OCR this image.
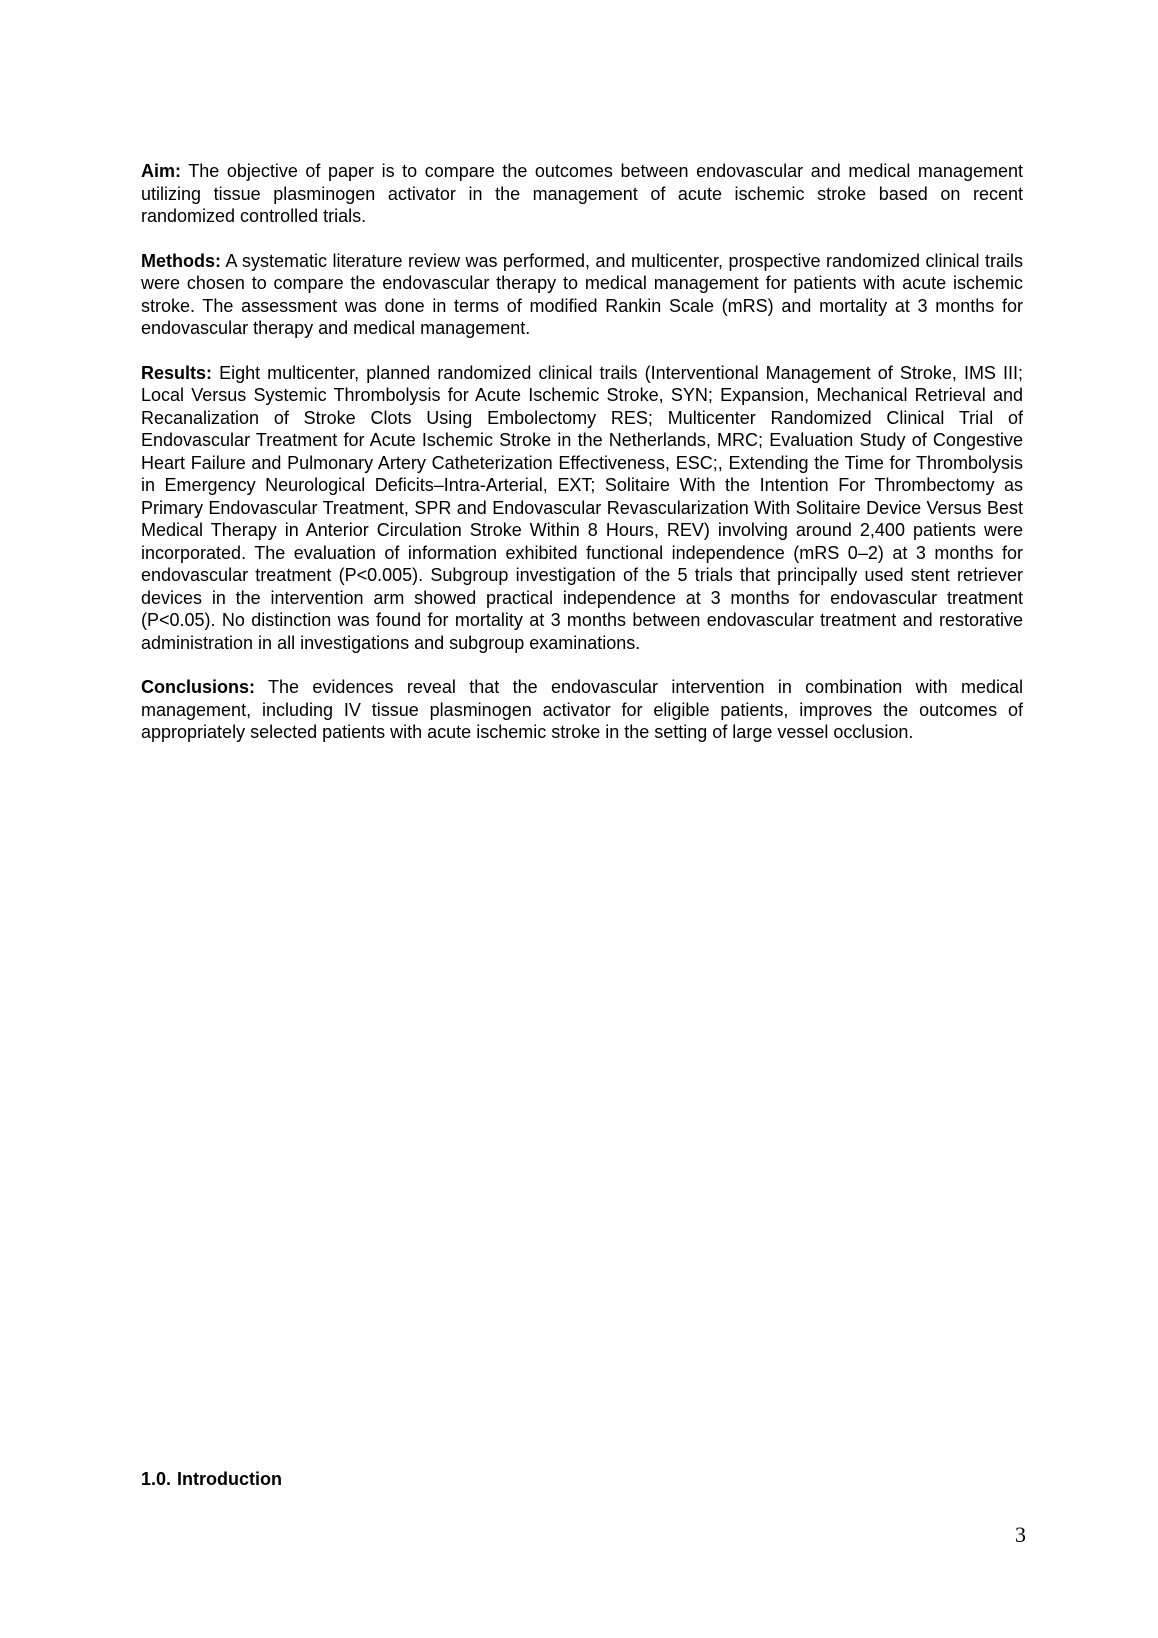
Aim: The objective of paper is to compare the outcomes between endovascular and medical management utilizing tissue plasminogen activator in the management of acute ischemic stroke based on recent randomized controlled trials.

Methods: A systematic literature review was performed, and multicenter, prospective randomized clinical trails were chosen to compare the endovascular therapy to medical management for patients with acute ischemic stroke. The assessment was done in terms of modified Rankin Scale (mRS) and mortality at 3 months for endovascular therapy and medical management.

Results: Eight multicenter, planned randomized clinical trails (Interventional Management of Stroke, IMS III; Local Versus Systemic Thrombolysis for Acute Ischemic Stroke, SYN; Expansion, Mechanical Retrieval and Recanalization of Stroke Clots Using Embolectomy RES; Multicenter Randomized Clinical Trial of Endovascular Treatment for Acute Ischemic Stroke in the Netherlands, MRC; Evaluation Study of Congestive Heart Failure and Pulmonary Artery Catheterization Effectiveness, ESC;, Extending the Time for Thrombolysis in Emergency Neurological Deficits–Intra-Arterial, EXT; Solitaire With the Intention For Thrombectomy as Primary Endovascular Treatment, SPR and Endovascular Revascularization With Solitaire Device Versus Best Medical Therapy in Anterior Circulation Stroke Within 8 Hours, REV) involving around 2,400 patients were incorporated. The evaluation of information exhibited functional independence (mRS 0–2) at 3 months for endovascular treatment (P<0.005). Subgroup investigation of the 5 trials that principally used stent retriever devices in the intervention arm showed practical independence at 3 months for endovascular treatment (P<0.05). No distinction was found for mortality at 3 months between endovascular treatment and restorative administration in all investigations and subgroup examinations.

Conclusions: The evidences reveal that the endovascular intervention in combination with medical management, including IV tissue plasminogen activator for eligible patients, improves the outcomes of appropriately selected patients with acute ischemic stroke in the setting of large vessel occlusion.

1.0. Introduction
3
